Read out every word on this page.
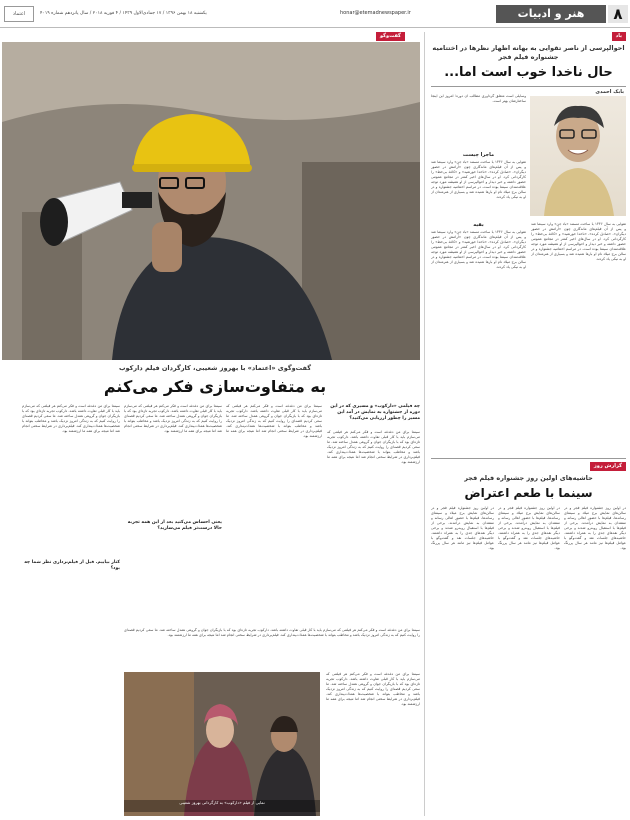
۸
هنر و ادبیات
honar@etemadnewspaper.ir
یکشنبه ۱۸ بهمن ۱۳۹۶ / ۱۷ جمادی‌الاول ۱۴۳۹ / ۴ فوریه ۲۰۱۸ / سال پانزدهم شماره ۴۰۱۹
اعتماد
یاد
احوالپرسی از ناصر تقوایی به بهانه اظهار نظرها در اختتامیه جشنواره فیلم فجر
حال ناخدا خوب است اما...
بابک احمدی
وسایلی است متعلق گرداوری مطالب آن دوره؛ امروز این اینجا ساختارشان بهتر است.
ماجرا چیست
تقوایی به سال ۱۳۴۶ با ساخت مستند «باد جن» وارد سینما شد و پس از آن فیلم‌های ماندگاری چون «آرامش در حضور دیگران»، «صادق کرده»، «ناخدا خورشید» و «کاغذ بی‌خط» را کارگردانی کرد. او در سال‌های اخیر کمتر در مجامع عمومی حضور داشته و خبر دیدار و احوالپرسی از او همیشه مورد توجه علاقه‌مندان سینما بوده است. در مراسم اختتامیه جشنواره و در سالن برج میلاد نام او بارها شنیده شد و بسیاری از هنرمندان از او به نیکی یاد کردند.
تقوایی به سال ۱۳۴۶ با ساخت مستند «باد جن» وارد سینما شد و پس از آن فیلم‌های ماندگاری چون «آرامش در حضور دیگران»، «صادق کرده»، «ناخدا خورشید» و «کاغذ بی‌خط» را کارگردانی کرد. او در سال‌های اخیر کمتر در مجامع عمومی حضور داشته و خبر دیدار و احوالپرسی از او همیشه مورد توجه علاقه‌مندان سینما بوده است. در مراسم اختتامیه جشنواره و در سالن برج میلاد نام او بارها شنیده شد و بسیاری از هنرمندان از او به نیکی یاد کردند.
بقیه
تقوایی به سال ۱۳۴۶ با ساخت مستند «باد جن» وارد سینما شد و پس از آن فیلم‌های ماندگاری چون «آرامش در حضور دیگران»، «صادق کرده»، «ناخدا خورشید» و «کاغذ بی‌خط» را کارگردانی کرد. او در سال‌های اخیر کمتر در مجامع عمومی حضور داشته و خبر دیدار و احوالپرسی از او همیشه مورد توجه علاقه‌مندان سینما بوده است. در مراسم اختتامیه جشنواره و در سالن برج میلاد نام او بارها شنیده شد و بسیاری از هنرمندان از او به نیکی یاد کردند.
گزارش روز
حاشیه‌های اولین روز جشنواره فیلم فجر
سینما با طعم اعتراض
در اولین روز جشنواره فیلم فجر و در سالن‌های نمایش برج میلاد و سینمای رسانه‌ها، فیلم‌ها با حضور اهالی رسانه و منتقدان به نمایش درآمدند. برخی از فیلم‌ها با استقبال روبه‌رو شدند و برخی دیگر نقدهای جدی را به همراه داشتند. حاشیه‌های جلسات نقد و گفت‌وگو با عوامل فیلم‌ها نیز مانند هر سال پررنگ بود.
در اولین روز جشنواره فیلم فجر و در سالن‌های نمایش برج میلاد و سینمای رسانه‌ها، فیلم‌ها با حضور اهالی رسانه و منتقدان به نمایش درآمدند. برخی از فیلم‌ها با استقبال روبه‌رو شدند و برخی دیگر نقدهای جدی را به همراه داشتند. حاشیه‌های جلسات نقد و گفت‌وگو با عوامل فیلم‌ها نیز مانند هر سال پررنگ بود.
در اولین روز جشنواره فیلم فجر و در سالن‌های نمایش برج میلاد و سینمای رسانه‌ها، فیلم‌ها با حضور اهالی رسانه و منتقدان به نمایش درآمدند. برخی از فیلم‌ها با استقبال روبه‌رو شدند و برخی دیگر نقدهای جدی را به همراه داشتند. حاشیه‌های جلسات نقد و گفت‌وگو با عوامل فیلم‌ها نیز مانند هر سال پررنگ بود.
گفت‌وگو
گفت‌وگوی «اعتماد» با بهروز شعیبی، کارگردان فیلم دارکوب
به متفاوت‌سازی فکر می‌کنم
چه فیلمی «دارکوب» و مسیری که در این دوره از جشنواره به نمایش در آمد این مسیر را چطور ارزیابی می‌کنید؟
سینما برای من دغدغه است و فکر می‌کنم هر فیلمی که می‌سازم باید با کار قبلی تفاوت داشته باشد. دارکوب تجربه تازه‌ای بود که با بازیگران جوان و گروهی همدل ساخته شد. ما سعی کردیم قصه‌ای را روایت کنیم که به زندگی امروز نزدیک باشد و مخاطب بتواند با شخصیت‌ها همذات‌پنداری کند. فیلم‌برداری در شرایط سختی انجام شد اما نتیجه برای همه ما ارزشمند بود.
سینما برای من دغدغه است و فکر می‌کنم هر فیلمی که می‌سازم باید با کار قبلی تفاوت داشته باشد. دارکوب تجربه تازه‌ای بود که با بازیگران جوان و گروهی همدل ساخته شد. ما سعی کردیم قصه‌ای را روایت کنیم که به زندگی امروز نزدیک باشد و مخاطب بتواند با شخصیت‌ها همذات‌پنداری کند. فیلم‌برداری در شرایط سختی انجام شد اما نتیجه برای همه ما ارزشمند بود.
سینما برای من دغدغه است و فکر می‌کنم هر فیلمی که می‌سازم باید با کار قبلی تفاوت داشته باشد. دارکوب تجربه تازه‌ای بود که با بازیگران جوان و گروهی همدل ساخته شد. ما سعی کردیم قصه‌ای را روایت کنیم که به زندگی امروز نزدیک باشد و مخاطب بتواند با شخصیت‌ها همذات‌پنداری کند. فیلم‌برداری در شرایط سختی انجام شد اما نتیجه برای همه ما ارزشمند بود.
یعنی احساس می‌کنید بعد از این همه تجربه حالا درست‌تر فیلم می‌سازید؟
سینما برای من دغدغه است و فکر می‌کنم هر فیلمی که می‌سازم باید با کار قبلی تفاوت داشته باشد. دارکوب تجربه تازه‌ای بود که با بازیگران جوان و گروهی همدل ساخته شد. ما سعی کردیم قصه‌ای را روایت کنیم که به زندگی امروز نزدیک باشد و مخاطب بتواند با شخصیت‌ها همذات‌پنداری کند. فیلم‌برداری در شرایط سختی انجام شد اما نتیجه برای همه ما ارزشمند بود.
کنار بیاییم. قبل از فیلم‌برداری نظر شما چه بود؟
سینما برای من دغدغه است و فکر می‌کنم هر فیلمی که می‌سازم باید با کار قبلی تفاوت داشته باشد. دارکوب تجربه تازه‌ای بود که با بازیگران جوان و گروهی همدل ساخته شد. ما سعی کردیم قصه‌ای را روایت کنیم که به زندگی امروز نزدیک باشد و مخاطب بتواند با شخصیت‌ها همذات‌پنداری کند. فیلم‌برداری در شرایط سختی انجام شد اما نتیجه برای همه ما ارزشمند بود.
نمایی از فیلم «دارکوب» به کارگردانی بهروز شعیبی
سینما برای من دغدغه است و فکر می‌کنم هر فیلمی که می‌سازم باید با کار قبلی تفاوت داشته باشد. دارکوب تجربه تازه‌ای بود که با بازیگران جوان و گروهی همدل ساخته شد. ما سعی کردیم قصه‌ای را روایت کنیم که به زندگی امروز نزدیک باشد و مخاطب بتواند با شخصیت‌ها همذات‌پنداری کند. فیلم‌برداری در شرایط سختی انجام شد اما نتیجه برای همه ما ارزشمند بود.
